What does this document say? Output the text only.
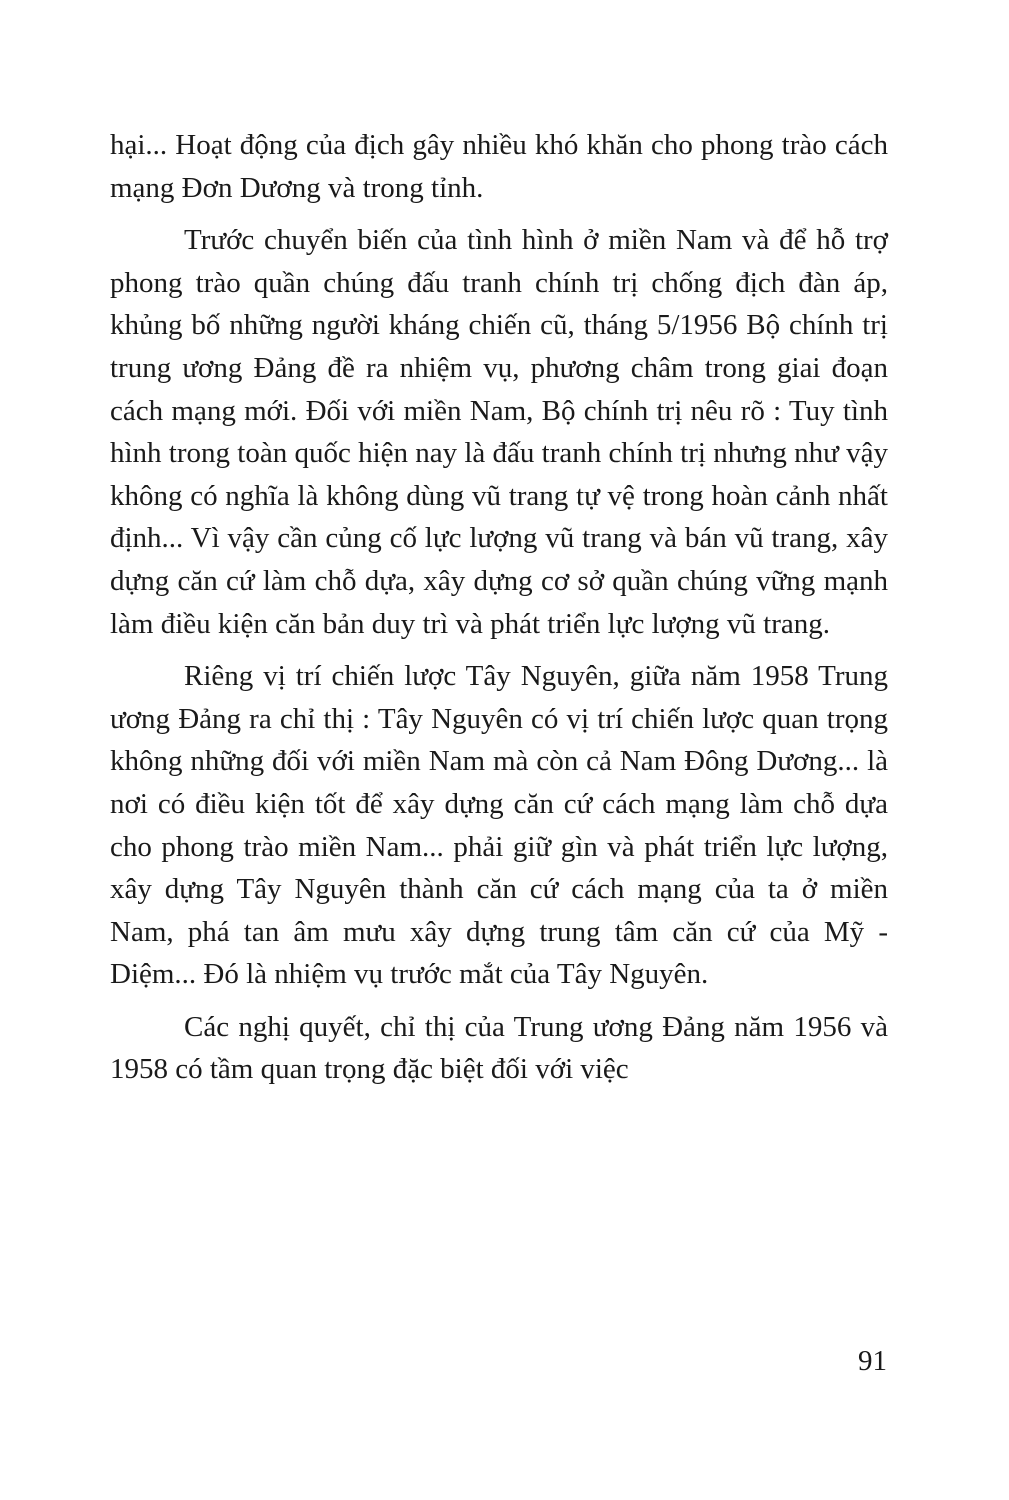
hại... Hoạt động của địch gây nhiều khó khăn cho phong trào cách mạng Đơn Dương và trong tỉnh.

Trước chuyển biến của tình hình ở miền Nam và để hỗ trợ phong trào quần chúng đấu tranh chính trị chống địch đàn áp, khủng bố những người kháng chiến cũ, tháng 5/1956 Bộ chính trị trung ương Đảng đề ra nhiệm vụ, phương châm trong giai đoạn cách mạng mới. Đối với miền Nam, Bộ chính trị nêu rõ : Tuy tình hình trong toàn quốc hiện nay là đấu tranh chính trị nhưng như vậy không có nghĩa là không dùng vũ trang tự vệ trong hoàn cảnh nhất định... Vì vậy cần củng cố lực lượng vũ trang và bán vũ trang, xây dựng căn cứ làm chỗ dựa, xây dựng cơ sở quần chúng vững mạnh làm điều kiện căn bản duy trì và phát triển lực lượng vũ trang.

Riêng vị trí chiến lược Tây Nguyên, giữa năm 1958 Trung ương Đảng ra chỉ thị : Tây Nguyên có vị trí chiến lược quan trọng không những đối với miền Nam mà còn cả Nam Đông Dương... là nơi có điều kiện tốt để xây dựng căn cứ cách mạng làm chỗ dựa cho phong trào miền Nam... phải giữ gìn và phát triển lực lượng, xây dựng Tây Nguyên thành căn cứ cách mạng của ta ở miền Nam, phá tan âm mưu xây dựng trung tâm căn cứ của Mỹ - Diệm... Đó là nhiệm vụ trước mắt của Tây Nguyên.

Các nghị quyết, chỉ thị của Trung ương Đảng năm 1956 và 1958 có tầm quan trọng đặc biệt đối với việc

91
